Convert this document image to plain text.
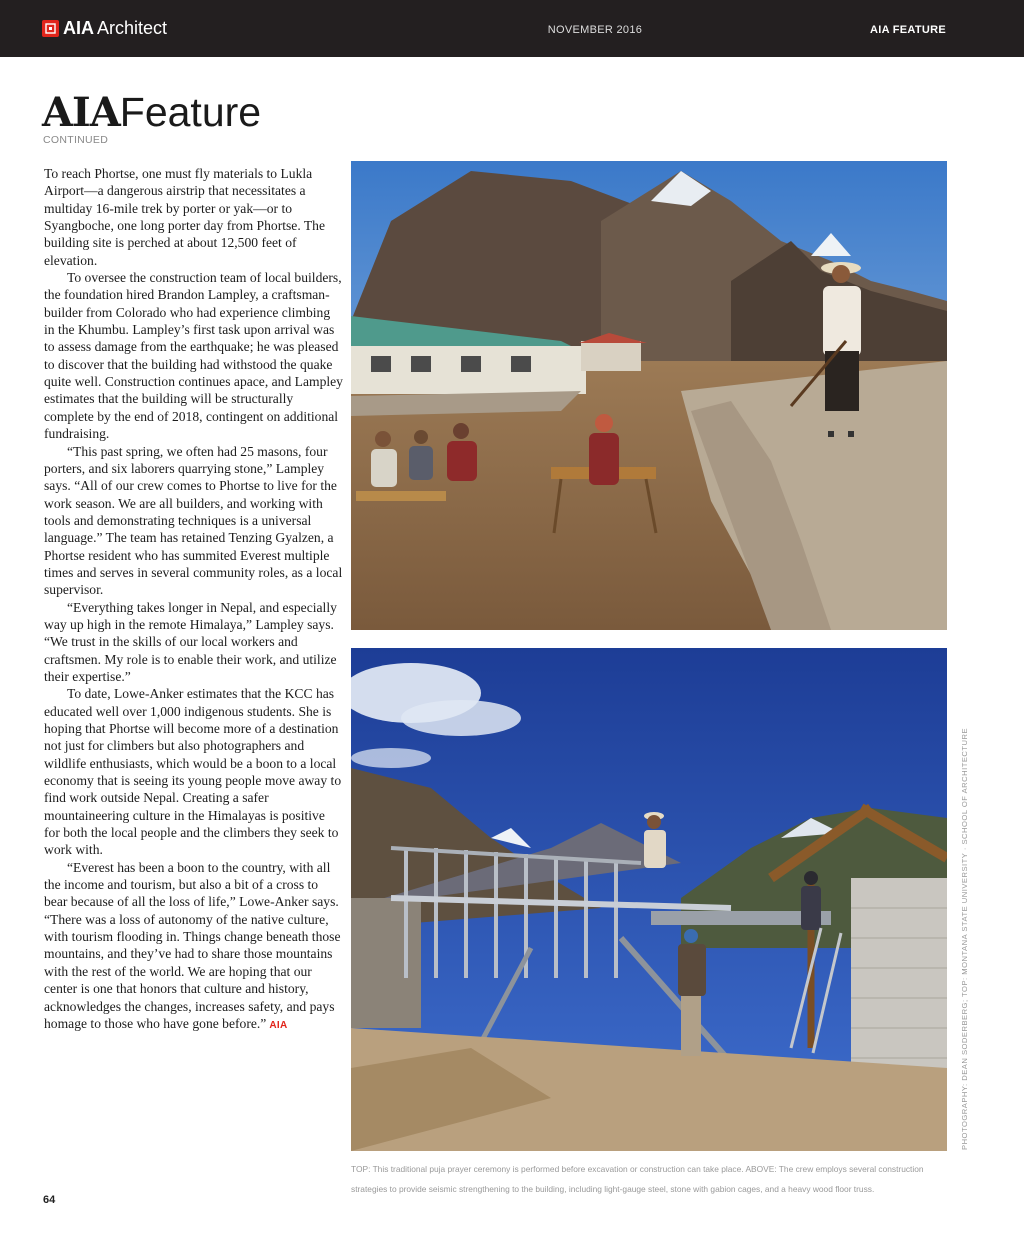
AIA Architect	NOVEMBER 2016	AIA FEATURE
AIAFeature
CONTINUED

To reach Phortse, one must fly materials to Lukla Airport—a dangerous airstrip that necessitates a multiday 16-mile trek by porter or yak—or to Syangboche, one long porter day from Phortse. The building site is perched at about 12,500 feet of elevation.

To oversee the construction team of local builders, the foundation hired Brandon Lampley, a craftsman-builder from Colorado who had experience climbing in the Khumbu. Lampley’s first task upon arrival was to assess damage from the earthquake; he was pleased to discover that the building had withstood the quake quite well. Construction continues apace, and Lampley estimates that the building will be structurally complete by the end of 2018, contingent on additional fundraising.

“This past spring, we often had 25 masons, four porters, and six laborers quarrying stone,” Lampley says. “All of our crew comes to Phortse to live for the work season. We are all builders, and working with tools and demonstrating techniques is a universal language.” The team has retained Tenzing Gyalzen, a Phortse resident who has summited Everest multiple times and serves in several community roles, as a local supervisor.

“Everything takes longer in Nepal, and especially way up high in the remote Himalaya,” Lampley says. “We trust in the skills of our local workers and craftsmen. My role is to enable their work, and utilize their expertise.”

To date, Lowe-Anker estimates that the KCC has educated well over 1,000 indigenous students. She is hoping that Phortse will become more of a destination not just for climbers but also photographers and wildlife enthusiasts, which would be a boon to a local economy that is seeing its young people move away to find work outside Nepal. Creating a safer mountaineering culture in the Himalayas is positive for both the local people and the climbers they seek to work with.

“Everest has been a boon to the country, with all the income and tourism, but also a bit of a cross to bear because of all the loss of life,” Lowe-Anker says. “There was a loss of autonomy of the native culture, with tourism flooding in. Things change beneath those mountains, and they’ve had to share those mountains with the rest of the world. We are hoping that our center is one that honors that culture and history, acknowledges the changes, increases safety, and pays homage to those who have gone before.” AIA

TOP: This traditional puja prayer ceremony is performed before excavation or construction can take place. ABOVE: The crew employs several construction strategies to provide seismic strengthening to the building, including light-gauge steel, stone with gabion cages, and a heavy wood floor truss.
PHOTOGRAPHY: DEAN SODERBERG; TOP: MONTANA STATE UNIVERSITY · SCHOOL OF ARCHITECTURE
64
